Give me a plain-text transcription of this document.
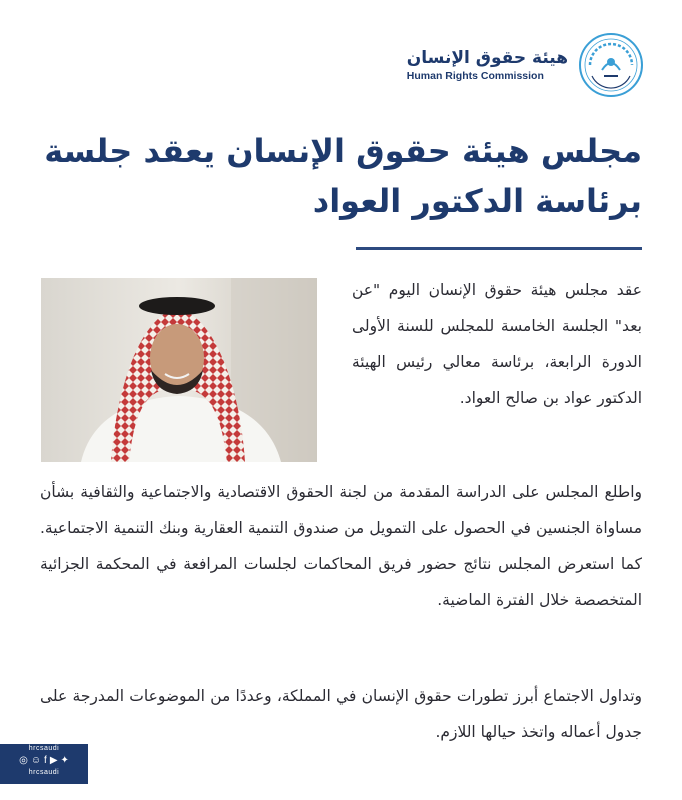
هيئة حقوق الإنسان
Human Rights Commission
مجلس هيئة حقوق الإنسان يعقد جلسة برئاسة الدكتور العواد

عقد مجلس هيئة حقوق الإنسان اليوم "عن بعد" الجلسة الخامسة للمجلس للسنة الأولى الدورة الرابعة، برئاسة معالي رئيس الهيئة الدكتور عواد بن صالح العواد.

واطلع المجلس على الدراسة المقدمة من لجنة الحقوق الاقتصادية والاجتماعية والثقافية بشأن مساواة الجنسين في الحصول على التمويل من صندوق التنمية العقارية وبنك التنمية الاجتماعية. كما استعرض المجلس نتائج حضور فريق المحاكمات لجلسات المرافعة في المحكمة الجزائية المتخصصة خلال الفترة الماضية.

وتداول الاجتماع أبرز تطورات حقوق الإنسان في المملكة، وعددًا من الموضوعات المدرجة على جدول أعماله واتخذ حيالها اللازم.

hrcsaudi
◎ ☺ f ▶ ✦
hrcsaudi
